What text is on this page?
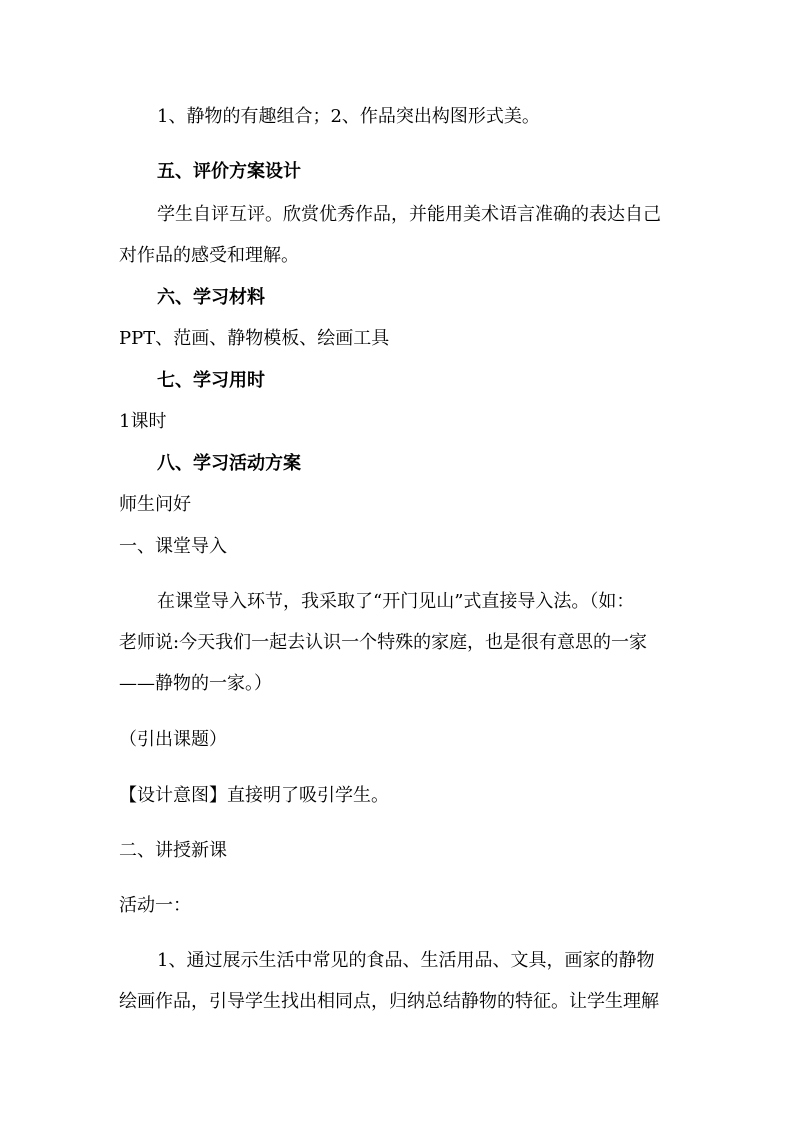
1、静物的有趣组合；2、作品突出构图形式美。
五、评价方案设计
学生自评互评。欣赏优秀作品，并能用美术语言准确的表达自己
对作品的感受和理解。
六、学习材料
PPT、范画、静物模板、绘画工具
七、学习用时
1课时
八、学习活动方案
师生问好
一、课堂导入
在课堂导入环节，我采取了“开门见山”式直接导入法。（如：
老师说:今天我们一起去认识一个特殊的家庭，也是很有意思的一家
——静物的一家。）
（引出课题）
【设计意图】直接明了吸引学生。
二、讲授新课
活动一：
1、通过展示生活中常见的食品、生活用品、文具，画家的静物
绘画作品，引导学生找出相同点，归纳总结静物的特征。让学生理解
